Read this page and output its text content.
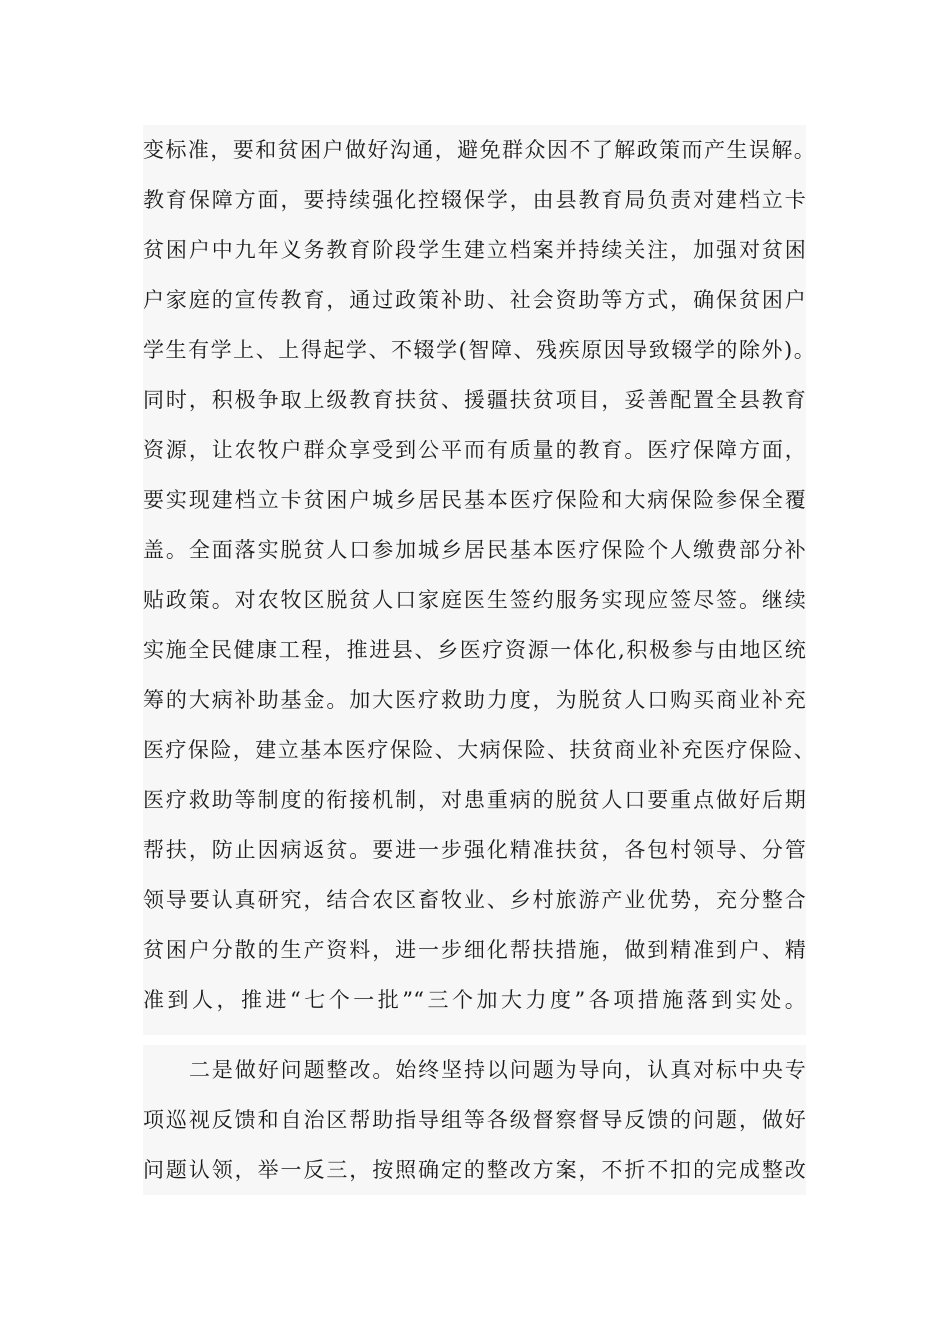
变标准，要和贫困户做好沟通，避免群众因不了解政策而产生误解。
教育保障方面，要持续强化控辍保学，由县教育局负责对建档立卡
贫困户中九年义务教育阶段学生建立档案并持续关注，加强对贫困
户家庭的宣传教育，通过政策补助、社会资助等方式，确保贫困户
学生有学上、上得起学、不辍学(智障、残疾原因导致辍学的除外)。
同时，积极争取上级教育扶贫、援疆扶贫项目，妥善配置全县教育
资源，让农牧户群众享受到公平而有质量的教育。医疗保障方面，
要实现建档立卡贫困户城乡居民基本医疗保险和大病保险参保全覆
盖。全面落实脱贫人口参加城乡居民基本医疗保险个人缴费部分补
贴政策。对农牧区脱贫人口家庭医生签约服务实现应签尽签。继续
实施全民健康工程，推进县、乡医疗资源一体化,积极参与由地区统
筹的大病补助基金。加大医疗救助力度，为脱贫人口购买商业补充
医疗保险，建立基本医疗保险、大病保险、扶贫商业补充医疗保险、
医疗救助等制度的衔接机制，对患重病的脱贫人口要重点做好后期
帮扶，防止因病返贫。要进一步强化精准扶贫，各包村领导、分管
领导要认真研究，结合农区畜牧业、乡村旅游产业优势，充分整合
贫困户分散的生产资料，进一步细化帮扶措施，做到精准到户、精
准到人，推进“七个一批”“三个加大力度”各项措施落到实处。
二是做好问题整改。始终坚持以问题为导向，认真对标中央专
项巡视反馈和自治区帮助指导组等各级督察督导反馈的问题，做好
问题认领，举一反三，按照确定的整改方案，不折不扣的完成整改
